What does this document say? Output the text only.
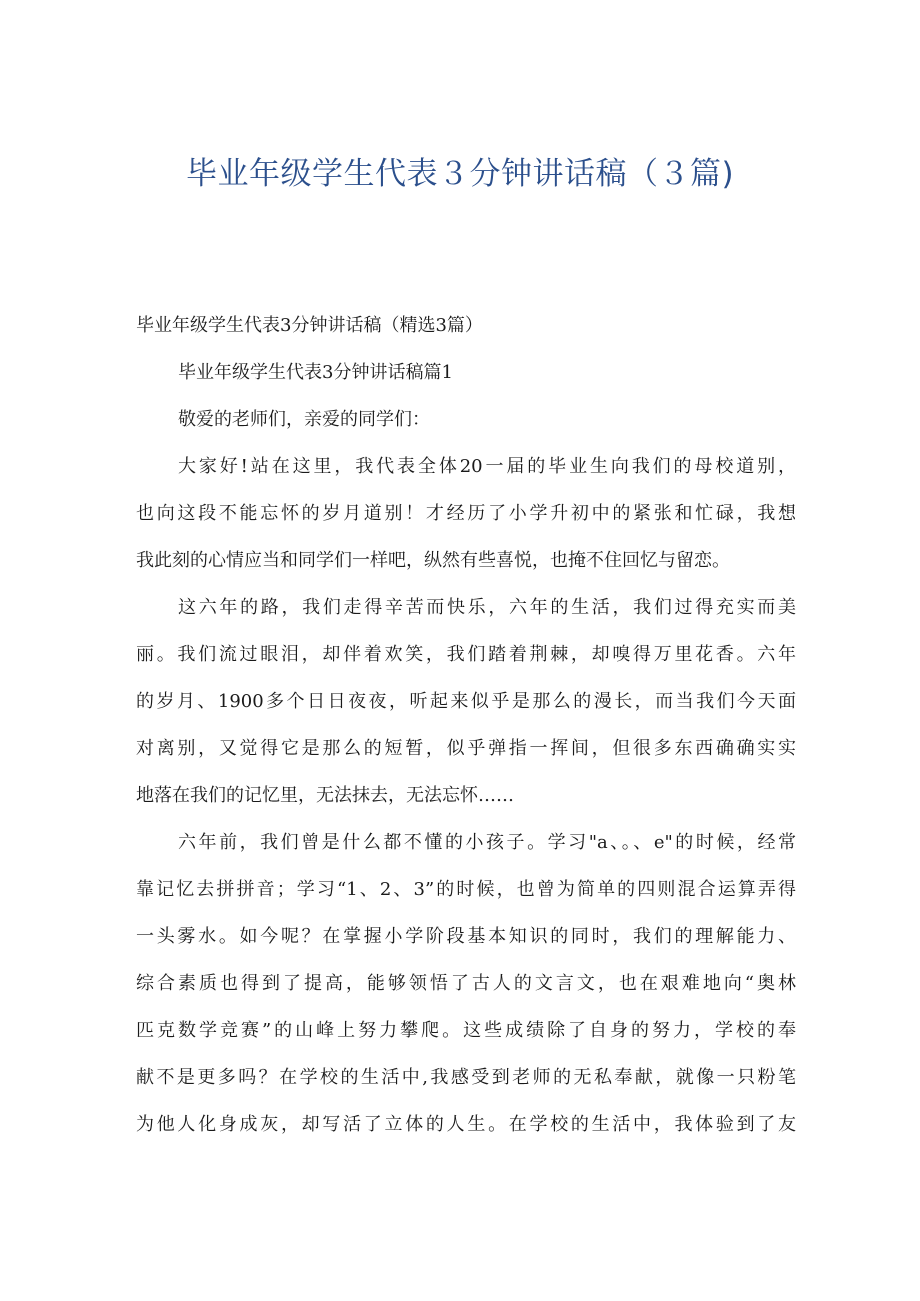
毕业年级学生代表３分钟讲话稿（３篇)
毕业年级学生代表3分钟讲话稿（精选3篇）
毕业年级学生代表3分钟讲话稿篇1
敬爱的老师们，亲爱的同学们：
大家好!站在这里，我代表全体20一届的毕业生向我们的母校道别，
也向这段不能忘怀的岁月道别！才经历了小学升初中的紧张和忙碌，我想
我此刻的心情应当和同学们一样吧，纵然有些喜悦，也掩不住回忆与留恋。
这六年的路，我们走得辛苦而快乐，六年的生活，我们过得充实而美
丽。我们流过眼泪，却伴着欢笑，我们踏着荆棘，却嗅得万里花香。六年
的岁月、1900多个日日夜夜，听起来似乎是那么的漫长，而当我们今天面
对离别，又觉得它是那么的短暂，似乎弹指一挥间，但很多东西确确实实
地落在我们的记忆里，无法抹去，无法忘怀……
六年前，我们曾是什么都不懂的小孩子。学习"a、。、e"的时候，经常
靠记忆去拼拼音；学习“1、2、3”的时候，也曾为简单的四则混合运算弄得
一头雾水。如今呢？在掌握小学阶段基本知识的同时，我们的理解能力、
综合素质也得到了提高，能够领悟了古人的文言文，也在艰难地向“奥林
匹克数学竞赛”的山峰上努力攀爬。这些成绩除了自身的努力，学校的奉
献不是更多吗？在学校的生活中,我感受到老师的无私奉献，就像一只粉笔
为他人化身成灰，却写活了立体的人生。在学校的生活中，我体验到了友
